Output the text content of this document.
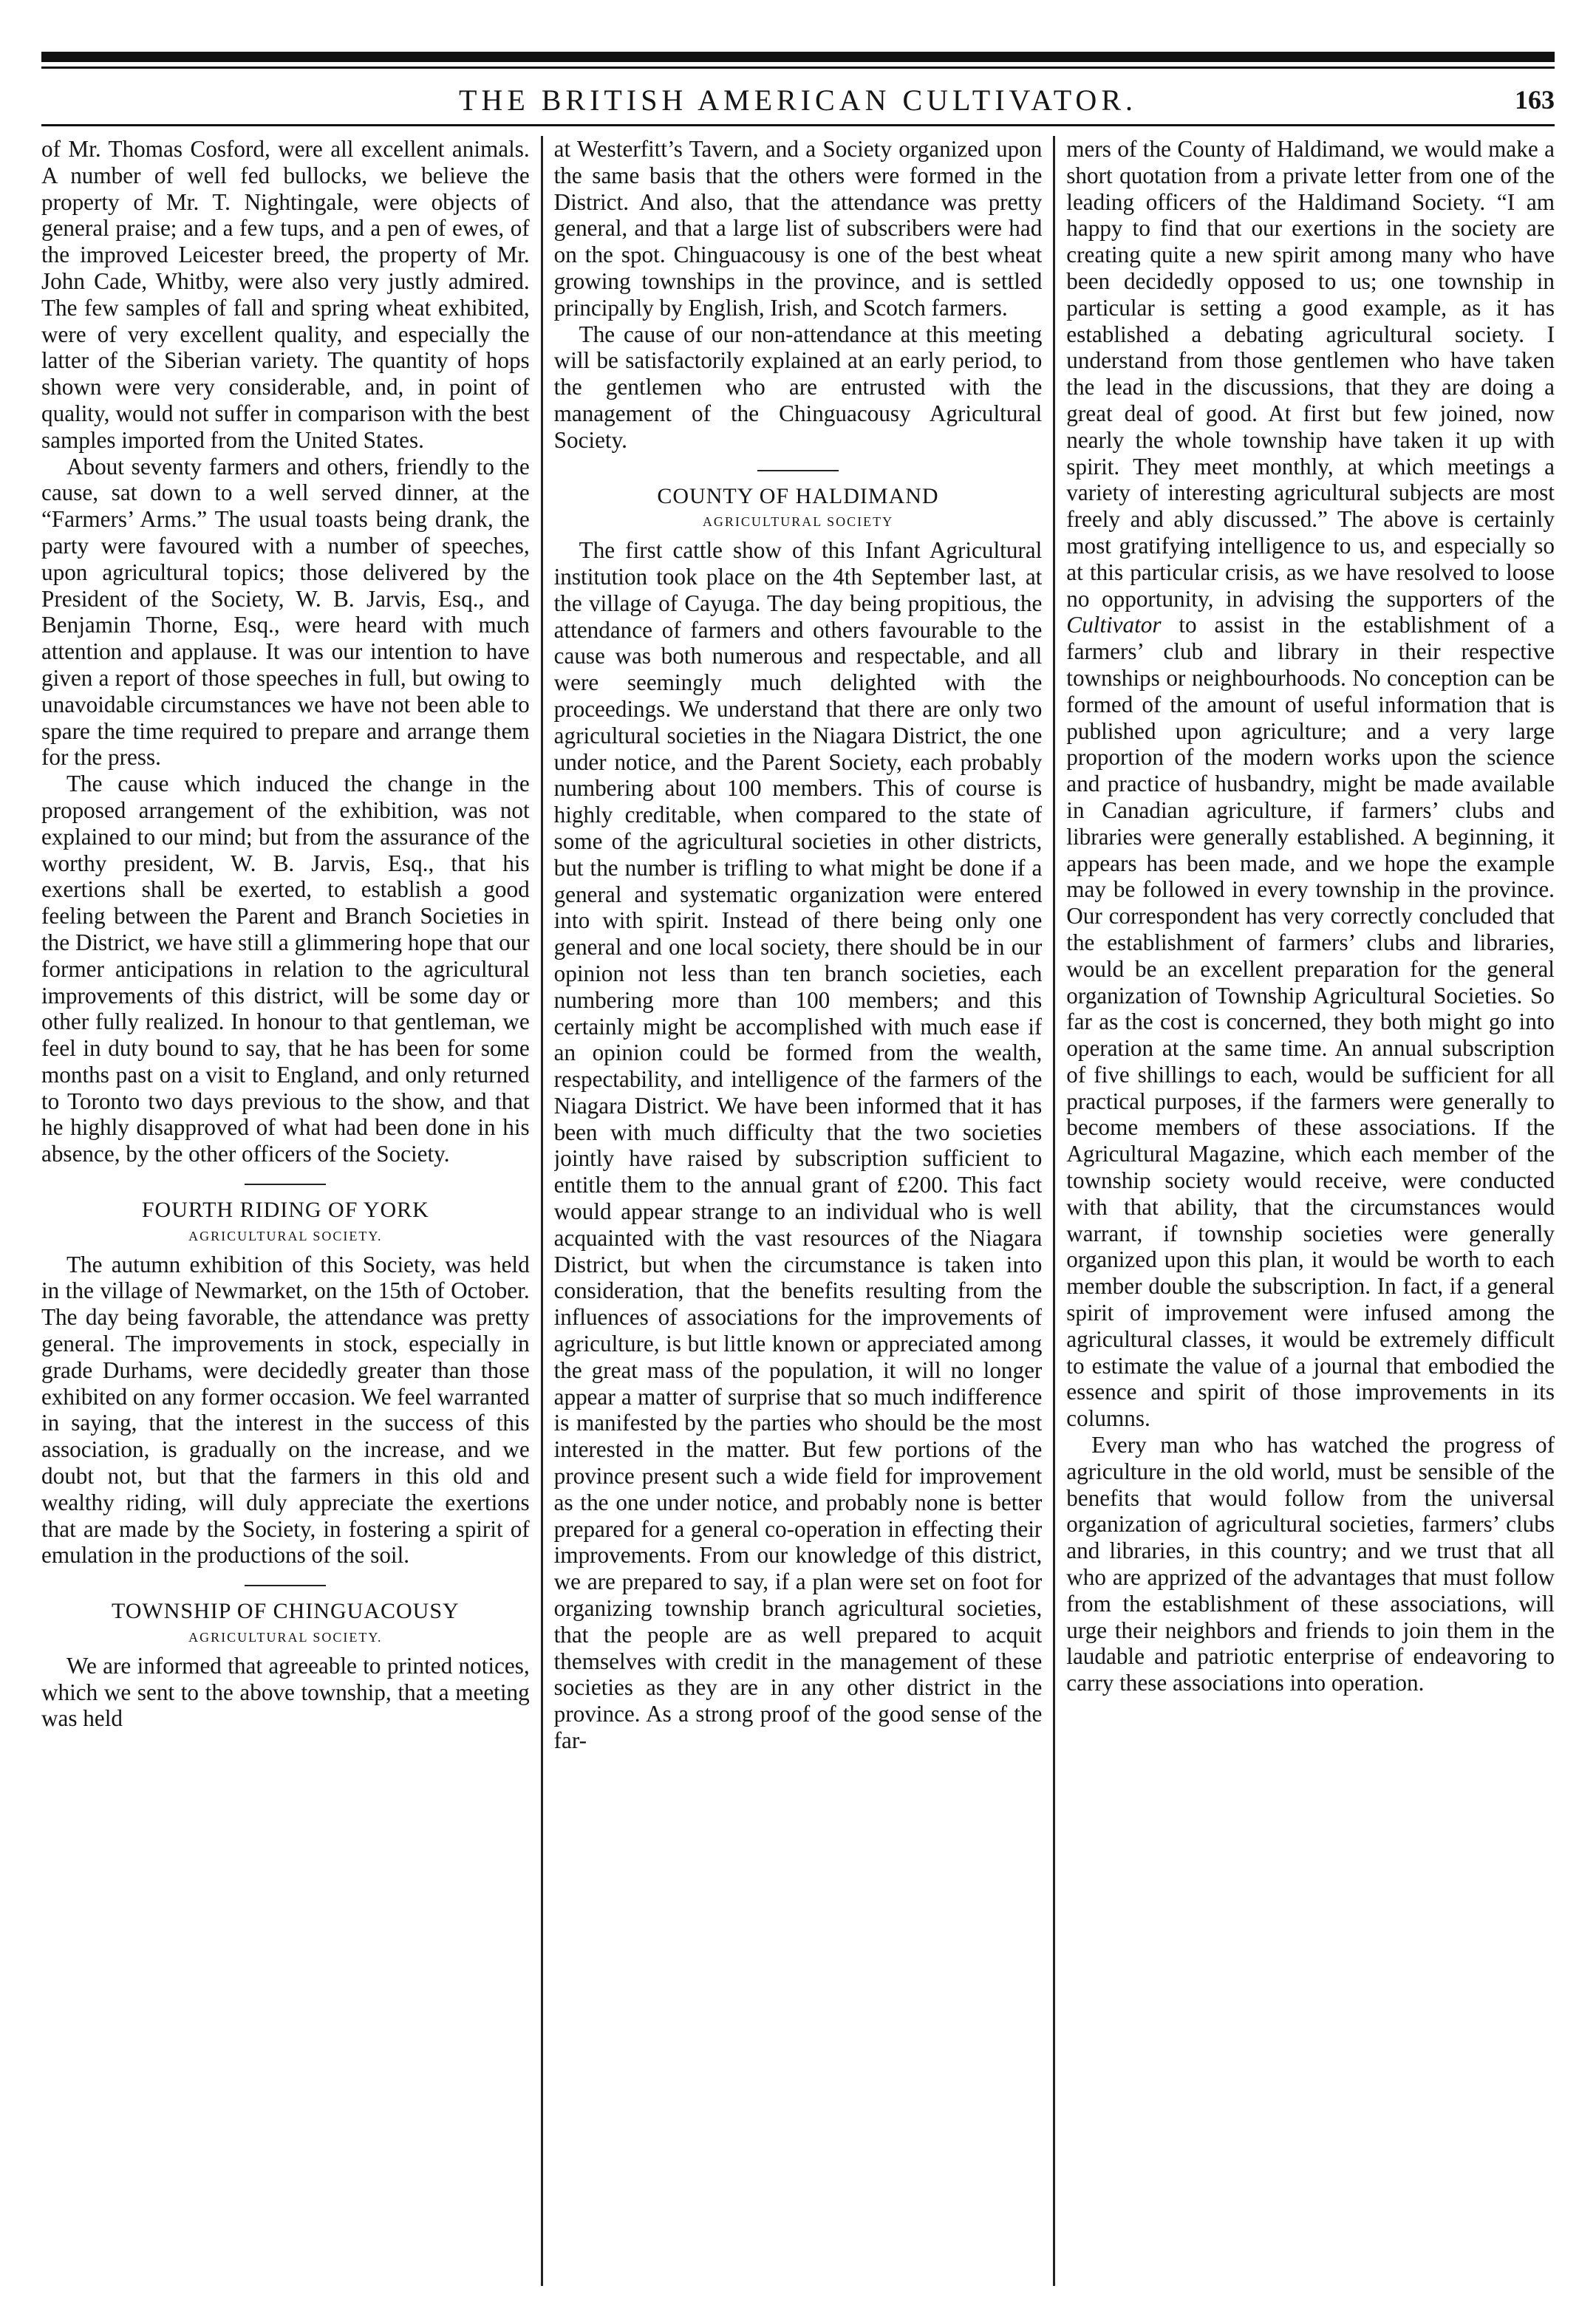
THE BRITISH AMERICAN CULTIVATOR.	163

of Mr. Thomas Cosford, were all excellent animals. A number of well fed bullocks, we believe the property of Mr. T. Nightingale, were objects of general praise; and a few tups, and a pen of ewes, of the improved Leicester breed, the property of Mr. John Cade, Whitby, were also very justly admired. The few samples of fall and spring wheat exhibited, were of very excellent quality, and especially the latter of the Siberian variety. The quantity of hops shown were very considerable, and, in point of quality, would not suffer in comparison with the best samples imported from the United States.

About seventy farmers and others, friendly to the cause, sat down to a well served dinner, at the “Farmers’ Arms.” The usual toasts being drank, the party were favoured with a number of speeches, upon agricultural topics; those delivered by the President of the Society, W. B. Jarvis, Esq., and Benjamin Thorne, Esq., were heard with much attention and applause. It was our intention to have given a report of those speeches in full, but owing to unavoidable circumstances we have not been able to spare the time required to prepare and arrange them for the press.

The cause which induced the change in the proposed arrangement of the exhibition, was not explained to our mind; but from the assurance of the worthy president, W. B. Jarvis, Esq., that his exertions shall be exerted, to establish a good feeling between the Parent and Branch Societies in the District, we have still a glimmering hope that our former anticipations in relation to the agricultural improvements of this district, will be some day or other fully realized. In honour to that gentleman, we feel in duty bound to say, that he has been for some months past on a visit to England, and only returned to Toronto two days previous to the show, and that he highly disapproved of what had been done in his absence, by the other officers of the Society.

FOURTH RIDING OF YORK
AGRICULTURAL SOCIETY.

The autumn exhibition of this Society, was held in the village of Newmarket, on the 15th of October. The day being favorable, the attendance was pretty general. The improvements in stock, especially in grade Durhams, were decidedly greater than those exhibited on any former occasion. We feel warranted in saying, that the interest in the success of this association, is gradually on the increase, and we doubt not, but that the farmers in this old and wealthy riding, will duly appreciate the exertions that are made by the Society, in fostering a spirit of emulation in the productions of the soil.

TOWNSHIP OF CHINGUACOUSY
AGRICULTURAL SOCIETY.

We are informed that agreeable to printed notices, which we sent to the above township, that a meeting was held

at Westerfitt’s Tavern, and a Society organized upon the same basis that the others were formed in the District. And also, that the attendance was pretty general, and that a large list of subscribers were had on the spot. Chinguacousy is one of the best wheat growing townships in the province, and is settled principally by English, Irish, and Scotch farmers.

The cause of our non-attendance at this meeting will be satisfactorily explained at an early period, to the gentlemen who are entrusted with the management of the Chinguacousy Agricultural Society.

COUNTY OF HALDIMAND
AGRICULTURAL SOCIETY

The first cattle show of this Infant Agricultural institution took place on the 4th September last, at the village of Cayuga. The day being propitious, the attendance of farmers and others favourable to the cause was both numerous and respectable, and all were seemingly much delighted with the proceedings. We understand that there are only two agricultural societies in the Niagara District, the one under notice, and the Parent Society, each probably numbering about 100 members. This of course is highly creditable, when compared to the state of some of the agricultural societies in other districts, but the number is trifling to what might be done if a general and systematic organization were entered into with spirit. Instead of there being only one general and one local society, there should be in our opinion not less than ten branch societies, each numbering more than 100 members; and this certainly might be accomplished with much ease if an opinion could be formed from the wealth, respectability, and intelligence of the farmers of the Niagara District. We have been informed that it has been with much difficulty that the two societies jointly have raised by subscription sufficient to entitle them to the annual grant of £200. This fact would appear strange to an individual who is well acquainted with the vast resources of the Niagara District, but when the circumstance is taken into consideration, that the benefits resulting from the influences of associations for the improvements of agriculture, is but little known or appreciated among the great mass of the population, it will no longer appear a matter of surprise that so much indifference is manifested by the parties who should be the most interested in the matter. But few portions of the province present such a wide field for improvement as the one under notice, and probably none is better prepared for a general co-operation in effecting their improvements. From our knowledge of this district, we are prepared to say, if a plan were set on foot for organizing township branch agricultural societies, that the people are as well prepared to acquit themselves with credit in the management of these societies as they are in any other district in the province. As a strong proof of the good sense of the far-

mers of the County of Haldimand, we would make a short quotation from a private letter from one of the leading officers of the Haldimand Society. “I am happy to find that our exertions in the society are creating quite a new spirit among many who have been decidedly opposed to us; one township in particular is setting a good example, as it has established a debating agricultural society. I understand from those gentlemen who have taken the lead in the discussions, that they are doing a great deal of good. At first but few joined, now nearly the whole township have taken it up with spirit. They meet monthly, at which meetings a variety of interesting agricultural subjects are most freely and ably discussed.” The above is certainly most gratifying intelligence to us, and especially so at this particular crisis, as we have resolved to loose no opportunity, in advising the supporters of the Cultivator to assist in the establishment of a farmers’ club and library in their respective townships or neighbourhoods. No conception can be formed of the amount of useful information that is published upon agriculture; and a very large proportion of the modern works upon the science and practice of husbandry, might be made available in Canadian agriculture, if farmers’ clubs and libraries were generally established. A beginning, it appears has been made, and we hope the example may be followed in every township in the province. Our correspondent has very correctly concluded that the establishment of farmers’ clubs and libraries, would be an excellent preparation for the general organization of Township Agricultural Societies. So far as the cost is concerned, they both might go into operation at the same time. An annual subscription of five shillings to each, would be sufficient for all practical purposes, if the farmers were generally to become members of these associations. If the Agricultural Magazine, which each member of the township society would receive, were conducted with that ability, that the circumstances would warrant, if township societies were generally organized upon this plan, it would be worth to each member double the subscription. In fact, if a general spirit of improvement were infused among the agricultural classes, it would be extremely difficult to estimate the value of a journal that embodied the essence and spirit of those improvements in its columns.

Every man who has watched the progress of agriculture in the old world, must be sensible of the benefits that would follow from the universal organization of agricultural societies, farmers’ clubs and libraries, in this country; and we trust that all who are apprized of the advantages that must follow from the establishment of these associations, will urge their neighbors and friends to join them in the laudable and patriotic enterprise of endeavoring to carry these associations into operation.
